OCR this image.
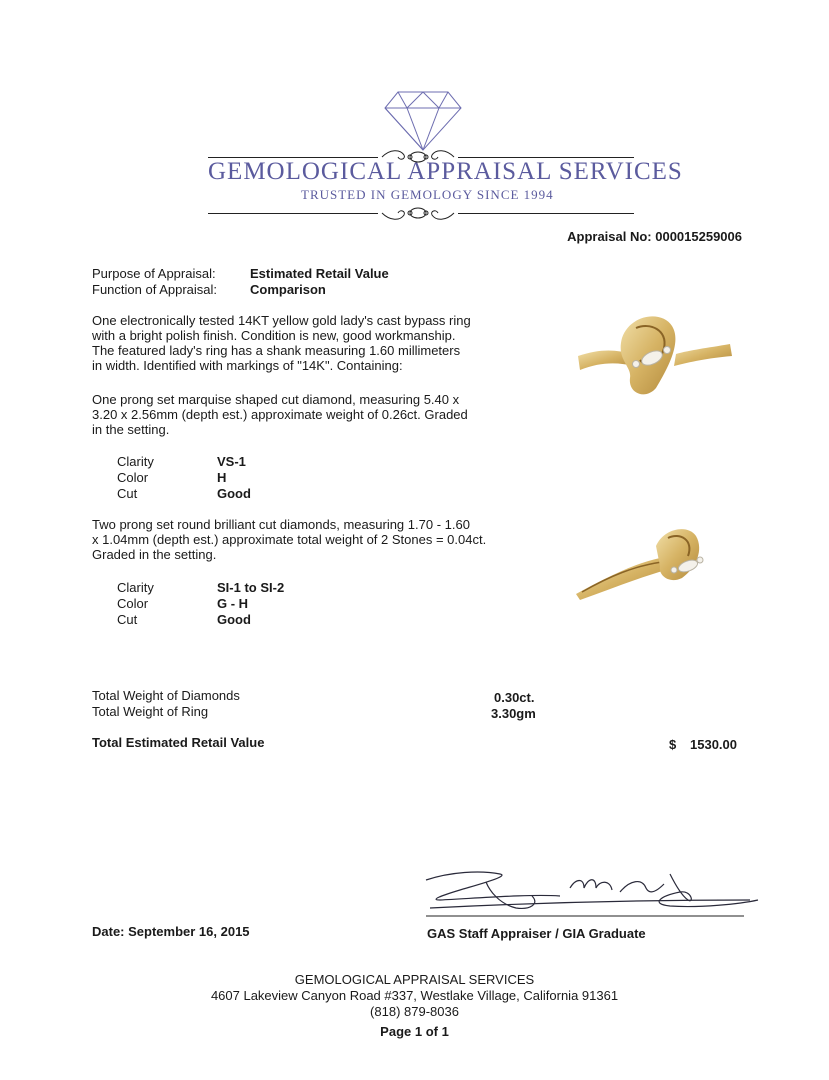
GEMOLOGICAL APPRAISAL SERVICES
TRUSTED IN GEMOLOGY SINCE 1994
Appraisal No: 000015259006
Purpose of Appraisal:	Estimated Retail Value
Function of Appraisal:	Comparison
One electronically tested 14KT yellow gold lady's cast bypass ring
with a bright polish finish. Condition is new, good workmanship.
The featured lady's ring has a shank measuring 1.60 millimeters
in width. Identified with markings of "14K". Containing:
One prong set marquise shaped cut diamond, measuring 5.40 x
3.20 x 2.56mm (depth est.) approximate weight of 0.26ct. Graded
in the setting.
Clarity	VS-1
Color	H
Cut	Good
Two prong set round brilliant cut diamonds, measuring 1.70 - 1.60
x 1.04mm (depth est.) approximate total weight of 2 Stones = 0.04ct.
Graded in the setting.
Clarity	SI-1 to SI-2
Color	G - H
Cut	Good
Total Weight of Diamonds	0.30ct.
Total Weight of Ring	3.30gm
Total Estimated Retail Value	$ 1530.00
Date: September 16, 2015	GAS Staff Appraiser / GIA Graduate
GEMOLOGICAL APPRAISAL SERVICES
4607 Lakeview Canyon Road #337, Westlake Village, California 91361
(818) 879-8036
Page 1 of 1
